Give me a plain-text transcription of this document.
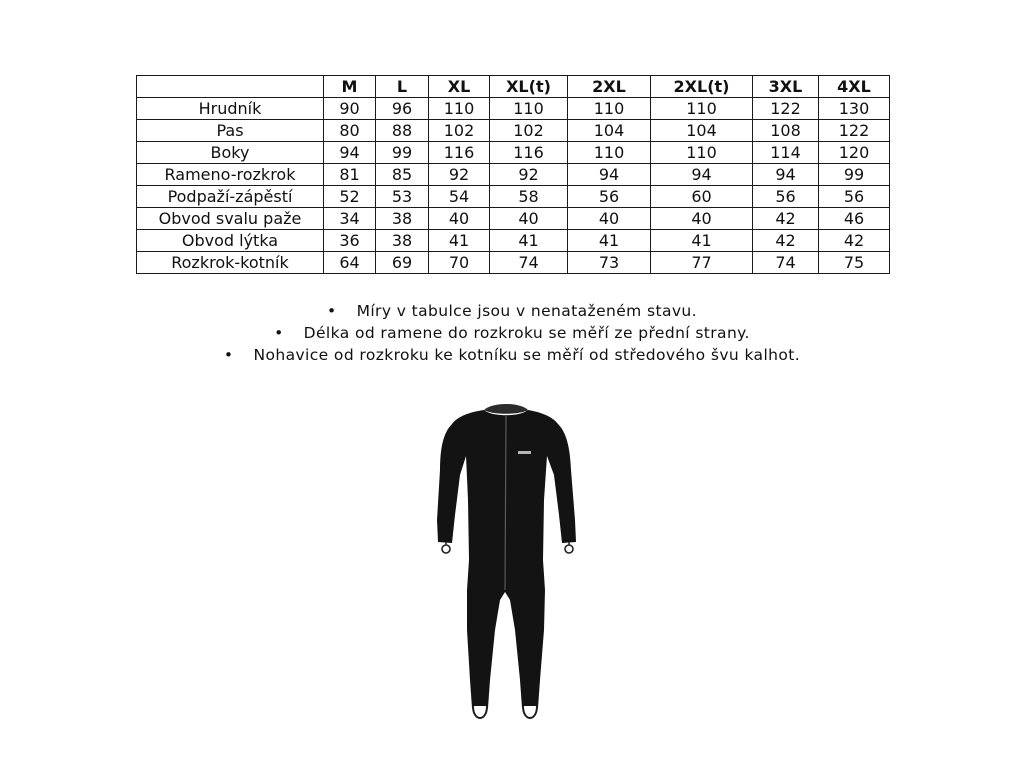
	M	L	XL	XL(t)	2XL	2XL(t)	3XL	4XL
Hrudník	90	96	110	110	110	110	122	130
Pas	80	88	102	102	104	104	108	122
Boky	94	99	116	116	110	110	114	120
Rameno-rozkrok	81	85	92	92	94	94	94	99
Podpaží-zápěstí	52	53	54	58	56	60	56	56
Obvod svalu paže	34	38	40	40	40	40	42	46
Obvod lýtka	36	38	41	41	41	41	42	42
Rozkrok-kotník	64	69	70	74	73	77	74	75
• Míry v tabulce jsou v nenataženém stavu.
• Délka od ramene do rozkroku se měří ze přední strany.
• Nohavice od rozkroku ke kotníku se měří od středového švu kalhot.
